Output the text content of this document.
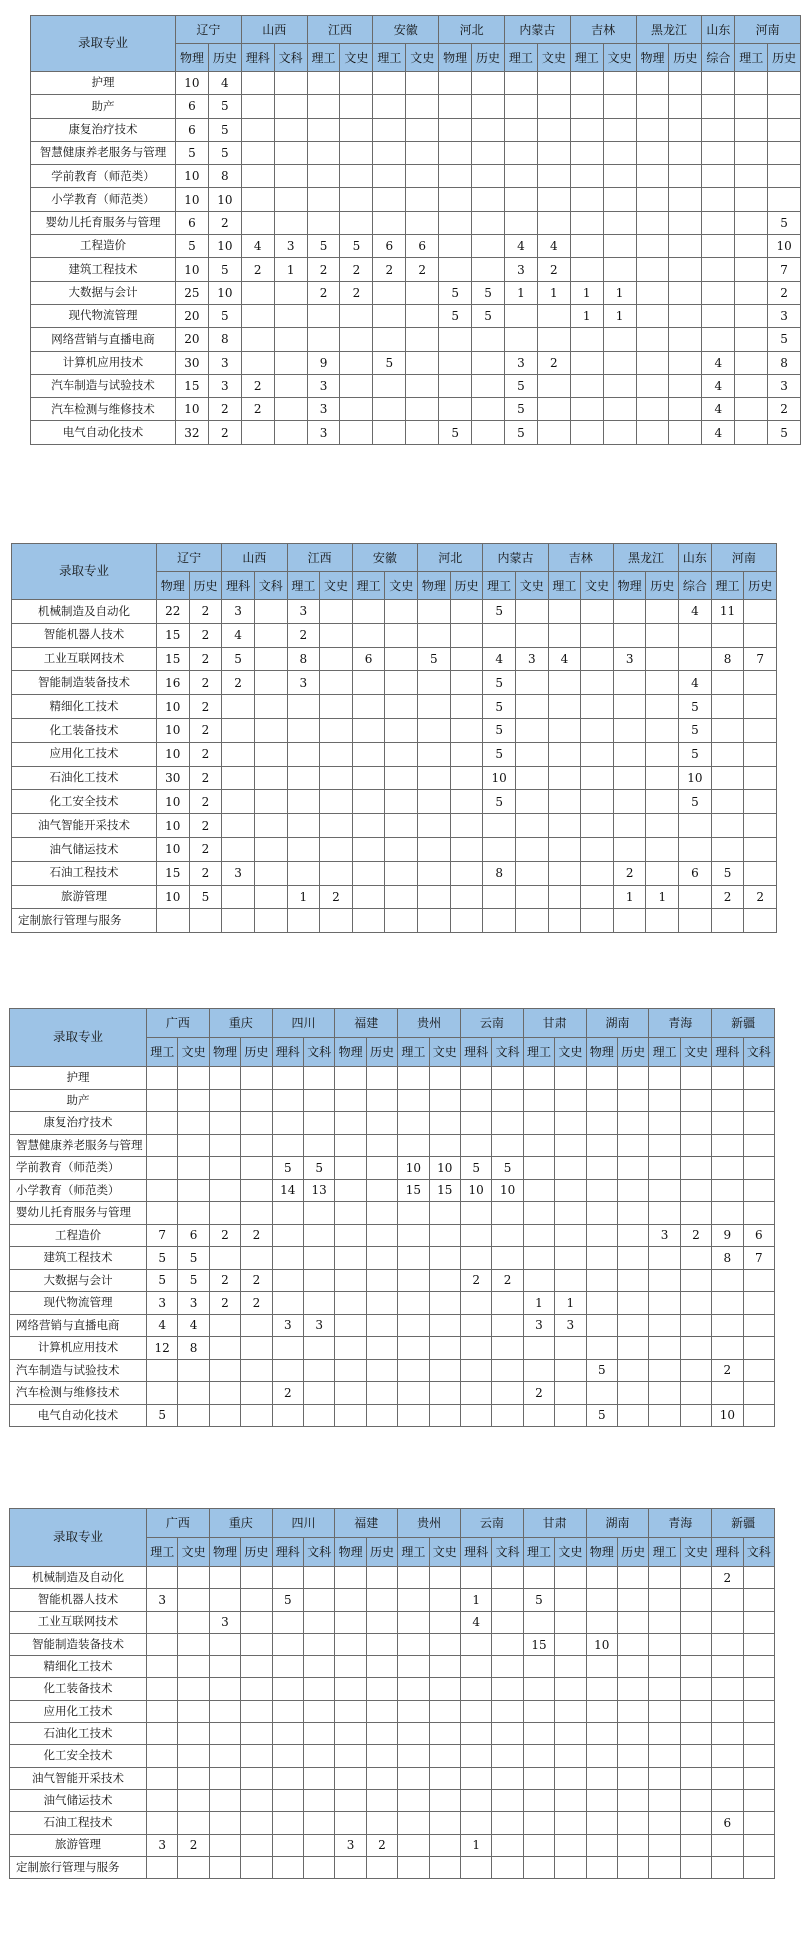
录取专业	辽宁		山西		江西		安徽		河北		内蒙古		吉林		黑龙江		山东	河南	
	物理	历史	理科	文科	理工	文史	理工	文史	物理	历史	理工	文史	理工	文史	物理	历史	综合	理工	历史
护理	10	4																	
助产	6	5																	
康复治疗技术	6	5																	
智慧健康养老服务与管理	5	5																	
学前教育（师范类）	10	8																	
小学教育（师范类）	10	10																	
婴幼儿托育服务与管理	6	2																	5
工程造价	5	10	4	3	5	5	6	6			4	4							10
建筑工程技术	10	5	2	1	2	2	2	2			3	2							7
大数据与会计	25	10			2	2			5	5	1	1	1	1					2
现代物流管理	20	5							5	5			1	1					3
网络营销与直播电商	20	8																	5
计算机应用技术	30	3			9		5				3	2					4		8
汽车制造与试验技术	15	3	2		3						5						4		3
汽车检测与维修技术	10	2	2		3						5						4		2
电气自动化技术	32	2			3				5		5						4		5
录取专业	辽宁		山西		江西		安徽		河北		内蒙古		吉林		黑龙江		山东	河南	
	物理	历史	理科	文科	理工	文史	理工	文史	物理	历史	理工	文史	理工	文史	物理	历史	综合	理工	历史
机械制造及自动化	22	2	3		3						5						4	11	
智能机器人技术	15	2	4		2														
工业互联网技术	15	2	5		8		6		5		4	3	4		3			8	7
智能制造装备技术	16	2	2		3						5						4		
精细化工技术	10	2									5						5		
化工装备技术	10	2									5						5		
应用化工技术	10	2									5						5		
石油化工技术	30	2									10						10		
化工安全技术	10	2									5						5		
油气智能开采技术	10	2																	
油气储运技术	10	2																	
石油工程技术	15	2	3								8				2		6	5	
旅游管理	10	5			1	2									1	1		2	2
定制旅行管理与服务																			
录取专业	广西		重庆		四川		福建		贵州		云南		甘肃		湖南		青海		新疆	
	理工	文史	物理	历史	理科	文科	物理	历史	理工	文史	理科	文科	理工	文史	物理	历史	理工	文史	理科	文科
护理																				
助产																				
康复治疗技术																				
智慧健康养老服务与管理																				
学前教育（师范类）					5	5			10	10	5	5								
小学教育（师范类）					14	13			15	15	10	10								
婴幼儿托育服务与管理																				
工程造价	7	6	2	2													3	2	9	6
建筑工程技术	5	5																	8	7
大数据与会计	5	5	2	2							2	2								
现代物流管理	3	3	2	2									1	1						
网络营销与直播电商	4	4			3	3							3	3						
计算机应用技术	12	8																		
汽车制造与试验技术															5				2	
汽车检测与维修技术					2								2							
电气自动化技术	5														5				10	
录取专业	广西		重庆		四川		福建		贵州		云南		甘肃		湖南		青海		新疆	
	理工	文史	物理	历史	理科	文科	物理	历史	理工	文史	理科	文科	理工	文史	物理	历史	理工	文史	理科	文科
机械制造及自动化																			2	
智能机器人技术	3				5						1		5							
工业互联网技术			3								4									
智能制造装备技术													15		10					
精细化工技术																				
化工装备技术																				
应用化工技术																				
石油化工技术																				
化工安全技术																				
油气智能开采技术																				
油气储运技术																				
石油工程技术																			6	
旅游管理	3	2					3	2			1									
定制旅行管理与服务																				
